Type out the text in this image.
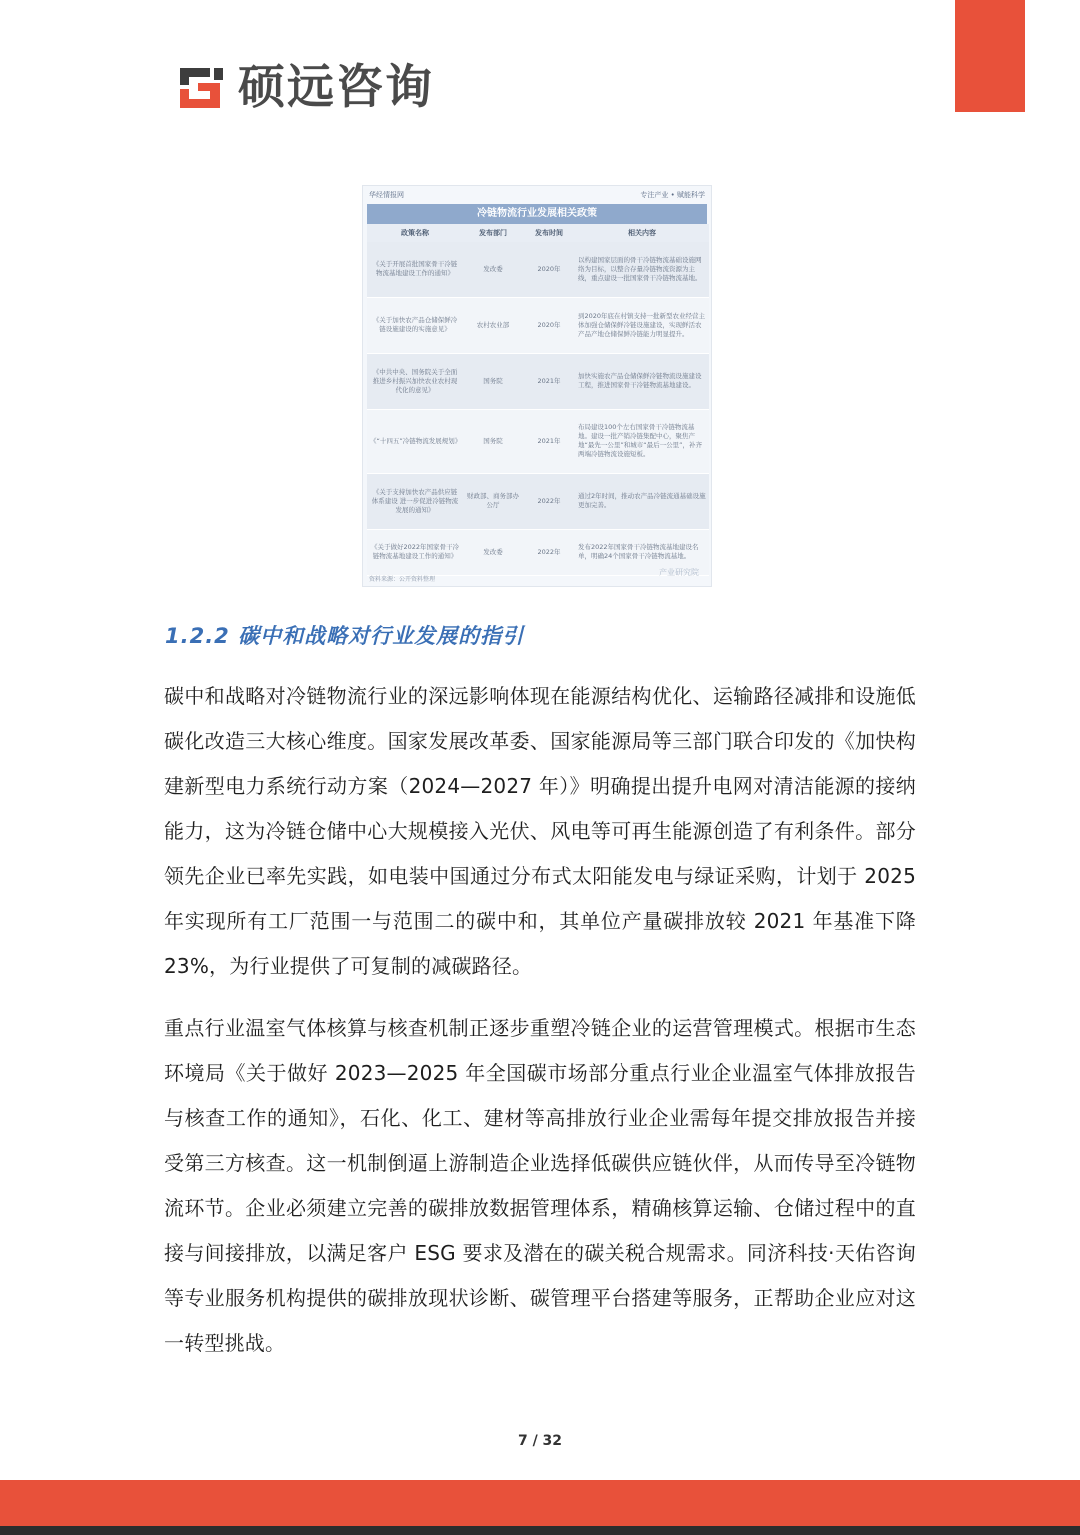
硕远咨询
华经情报网	专注产业 • 赋能科学
冷链物流行业发展相关政策
政策名称	发布部门	发布时间	相关内容
《关于开展首批国家骨干冷链物流基地建设工作的通知》	发改委	2020年	以构建国家层面的骨干冷链物流基础设施网络为目标，以整合存量冷链物流资源为主线，重点建设一批国家骨干冷链物流基地。
《关于加快农产品仓储保鲜冷链设施建设的实施意见》	农村农业部	2020年	到2020年底在村镇支持一批新型农业经营主体加强仓储保鲜冷链设施建设，实现鲜活农产品产地仓储保鲜冷链能力明显提升。
《中共中央、国务院关于全面推进乡村振兴加快农业农村现代化的意见》	国务院	2021年	加快实施农产品仓储保鲜冷链物流设施建设工程，推进国家骨干冷链物流基地建设。
《“十四五”冷链物流发展规划》	国务院	2021年	布局建设100个左右国家骨干冷链物流基地。建设一批产销冷链集配中心，聚焦产地“最先一公里”和城市“最后一公里”，补齐两端冷链物流设施短板。
《关于支持加快农产品供应链体系建设 进一步促进冷链物流发展的通知》	财政部、商务部办公厅	2022年	通过2年时间，推动农产品冷链流通基础设施更加完善。
《关于做好2022年国家骨干冷链物流基地建设工作的通知》	发改委	2022年	发布2022年国家骨干冷链物流基地建设名单，明确24个国家骨干冷链物流基地。
资料来源：公开资料整理
产业研究院
1.2.2 碳中和战略对行业发展的指引

碳中和战略对冷链物流行业的深远影响体现在能源结构优化、运输路径减排和设施低碳化改造三大核心维度。国家发展改革委、国家能源局等三部门联合印发的《加快构建新型电力系统行动方案（2024—2027 年）》明确提出提升电网对清洁能源的接纳能力，这为冷链仓储中心大规模接入光伏、风电等可再生能源创造了有利条件。部分领先企业已率先实践，如电装中国通过分布式太阳能发电与绿证采购，计划于 2025 年实现所有工厂范围一与范围二的碳中和，其单位产量碳排放较 2021 年基准下降 23%，为行业提供了可复制的减碳路径。

重点行业温室气体核算与核查机制正逐步重塑冷链企业的运营管理模式。根据市生态环境局《关于做好 2023—2025 年全国碳市场部分重点行业企业温室气体排放报告与核查工作的通知》，石化、化工、建材等高排放行业企业需每年提交排放报告并接受第三方核查。这一机制倒逼上游制造企业选择低碳供应链伙伴，从而传导至冷链物流环节。企业必须建立完善的碳排放数据管理体系，精确核算运输、仓储过程中的直接与间接排放，以满足客户 ESG 要求及潜在的碳关税合规需求。同济科技·天佑咨询等专业服务机构提供的碳排放现状诊断、碳管理平台搭建等服务，正帮助企业应对这一转型挑战。

7 / 32
